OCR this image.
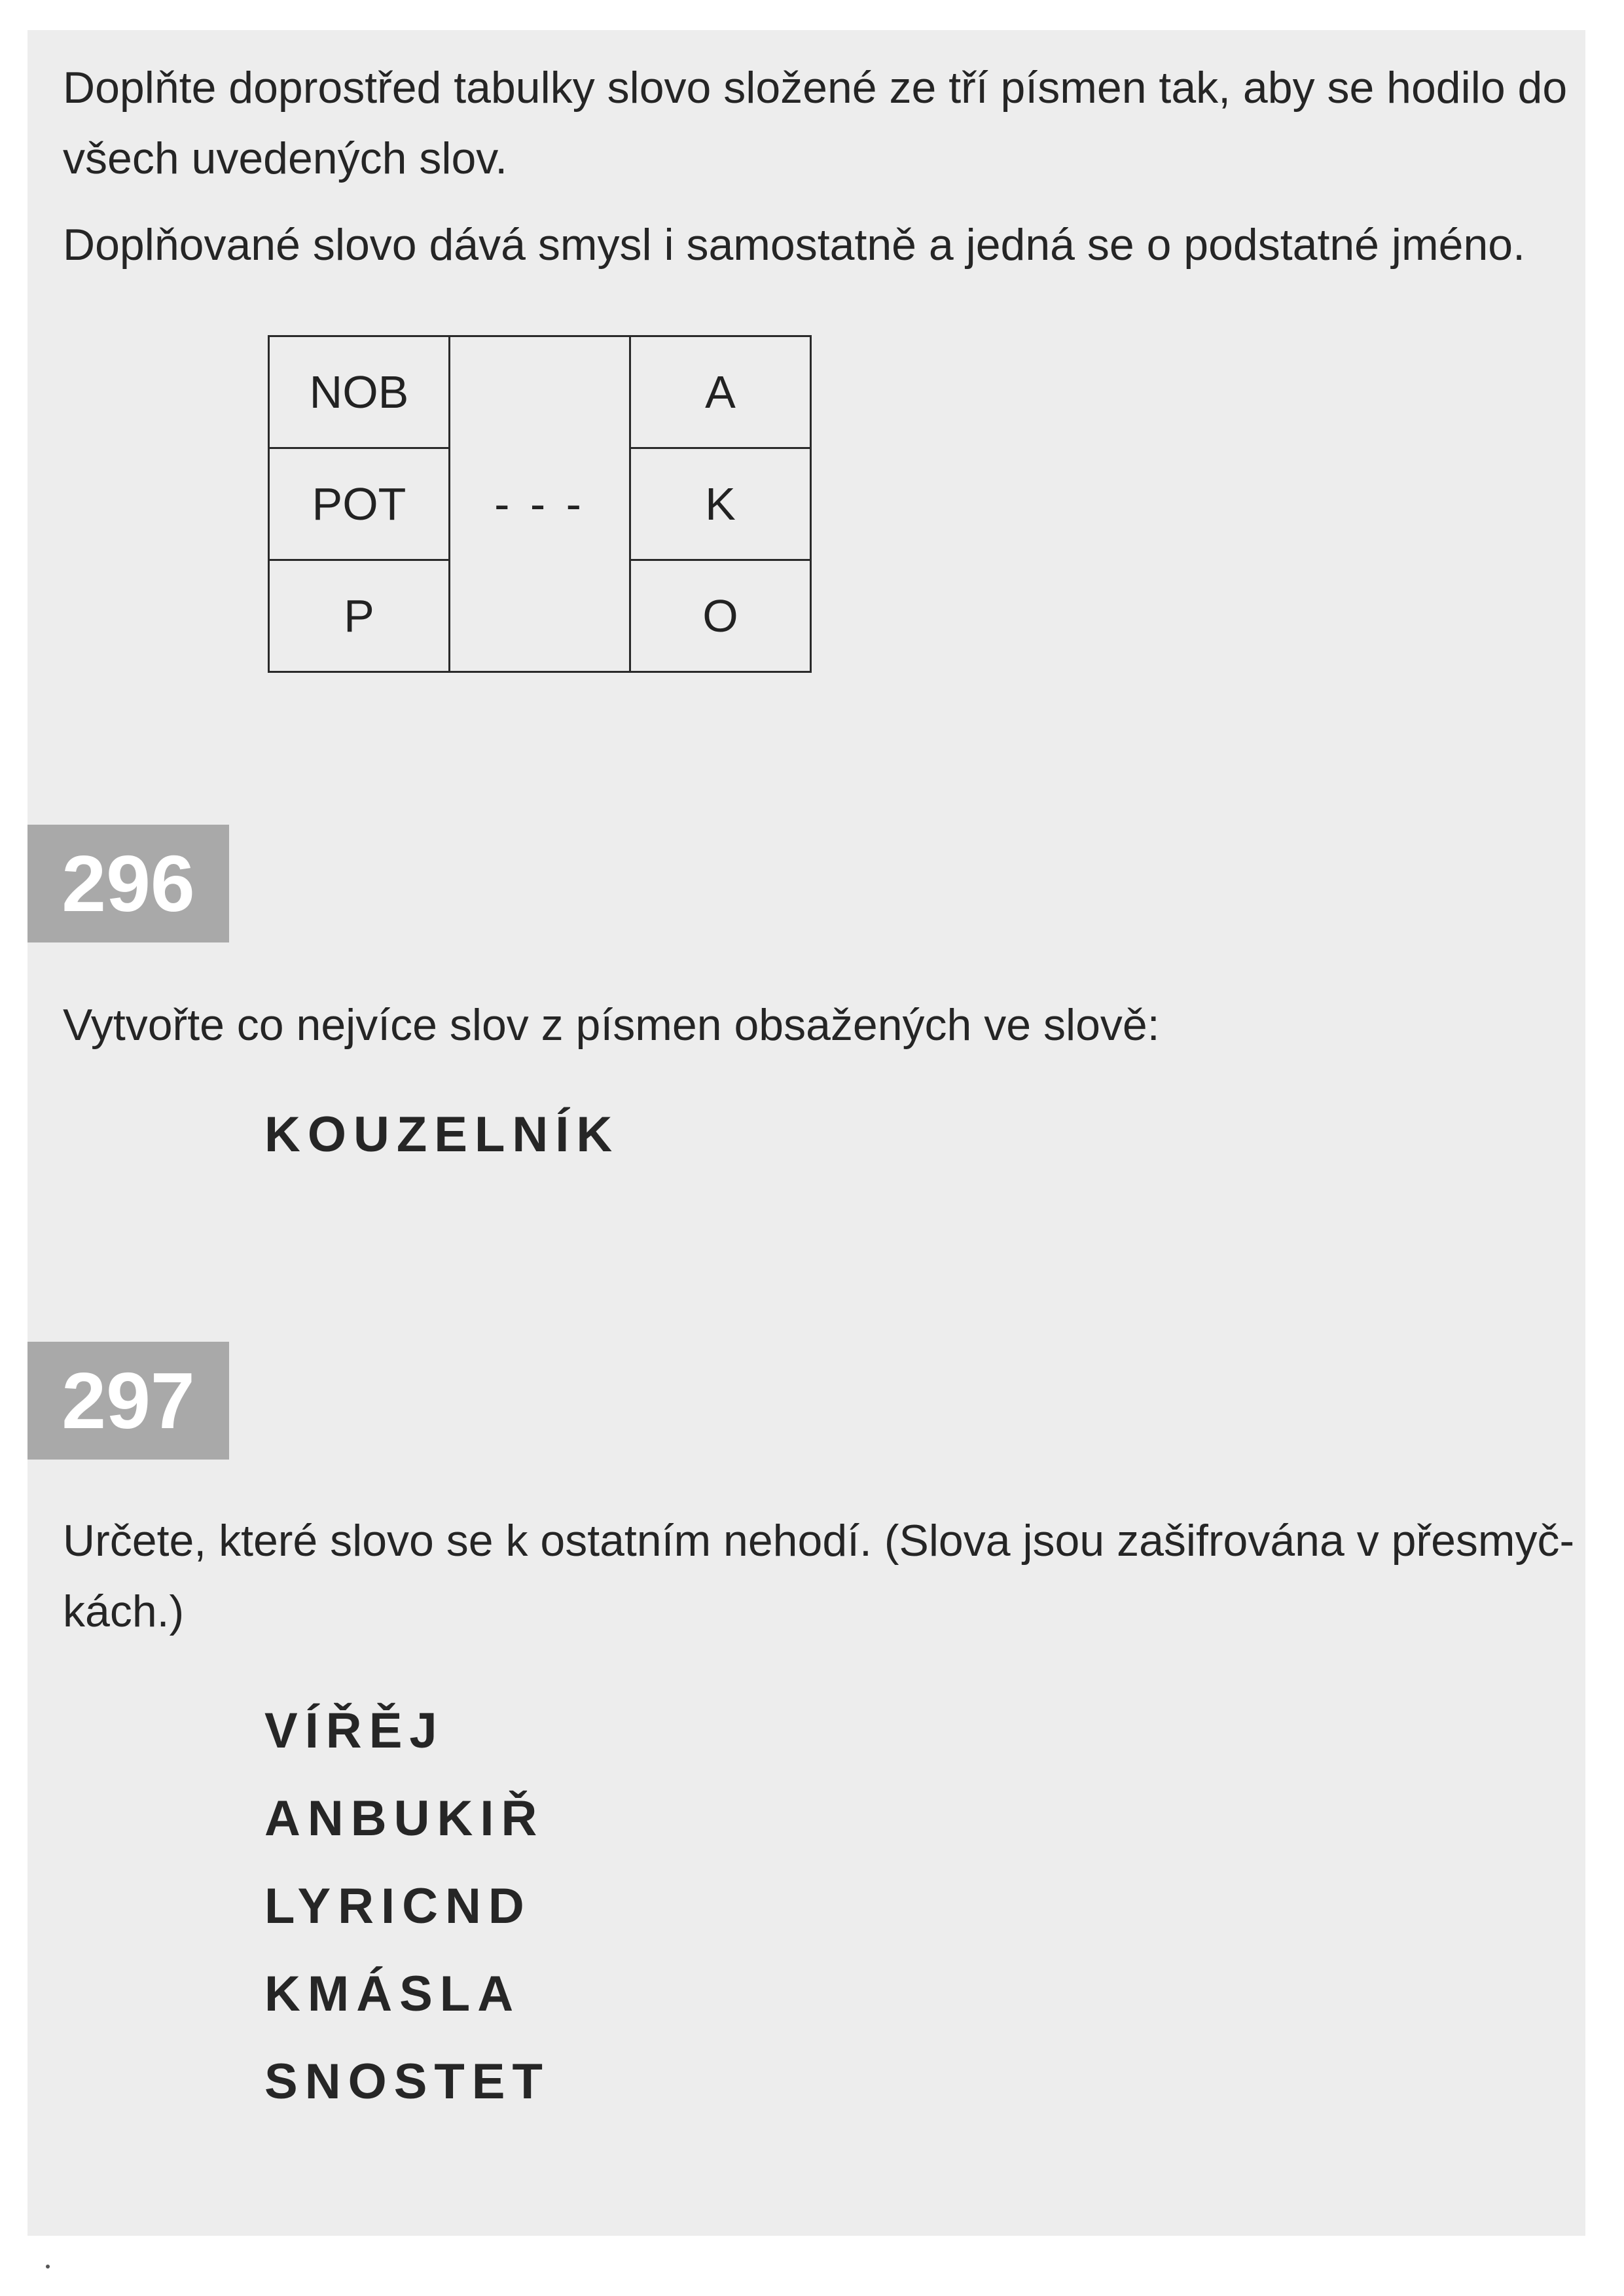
Doplňte doprostřed tabulky slovo složené ze tří písmen tak, aby se hodilo do
všech uvedených slov.
Doplňované slovo dává smysl i samostatně a jedná se o podstatné jméno.
NOB	- - -	A
POT		K
P		O
296
Vytvořte co nejvíce slov z písmen obsažených ve slově:
KOUZELNÍK
297
Určete, které slovo se k ostatním nehodí. (Slova jsou zašifrována v přesmyč-
kách.)
VÍŘĚJ
ANBUKIŘ
LYRICND
KMÁSLA
SNOSTET
